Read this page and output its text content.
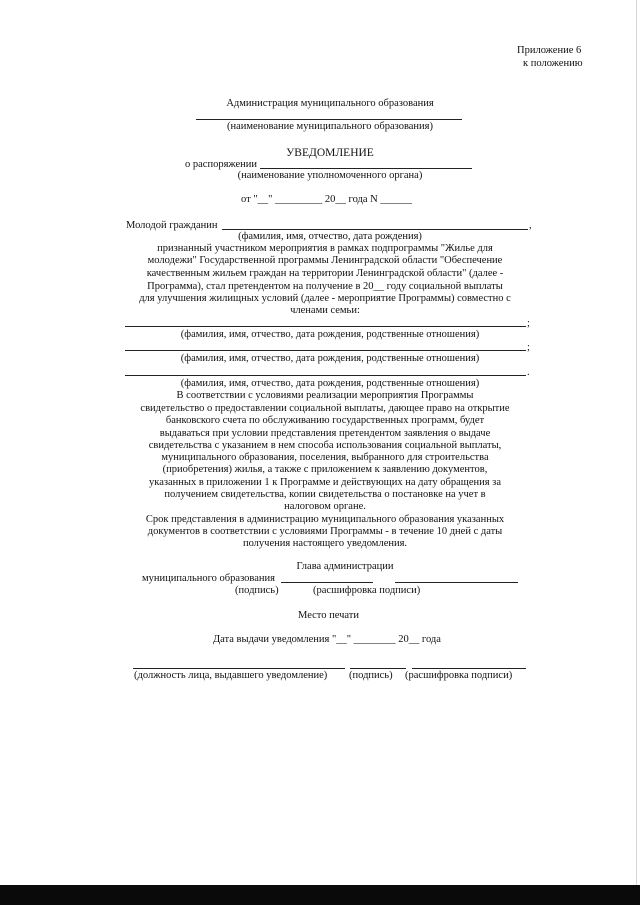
Приложение 6
к положению
Администрация муниципального образования
(наименование муниципального образования)
УВЕДОМЛЕНИЕ
о распоряжении
(наименование уполномоченного органа)
от "__" _________ 20__ года N ______
Молодой гражданин	,
(фамилия, имя, отчество, дата рождения)
признанный участником мероприятия в рамках подпрограммы "Жилье для
молодежи" Государственной программы Ленинградской области "Обеспечение
качественным жильем граждан на территории Ленинградской области" (далее -
Программа), стал претендентом на получение в 20__ году социальной выплаты
для улучшения жилищных условий (далее - мероприятие Программы) совместно с
членами семьи:
;
(фамилия, имя, отчество, дата рождения, родственные отношения)
;
(фамилия, имя, отчество, дата рождения, родственные отношения)
.
(фамилия, имя, отчество, дата рождения, родственные отношения)
В соответствии с условиями реализации мероприятия Программы
свидетельство о предоставлении социальной выплаты, дающее право на открытие
банковского счета по обслуживанию государственных программ, будет
выдаваться при условии представления претендентом заявления о выдаче
свидетельства с указанием в нем способа использования социальной выплаты,
муниципального образования, поселения, выбранного для строительства
(приобретения) жилья, а также с приложением к заявлению документов,
указанных в приложении 1 к Программе и действующих на дату обращения за
получением свидетельства, копии свидетельства о постановке на учет в
налоговом органе.
Срок представления в администрацию муниципального образования указанных
документов в соответствии с условиями Программы - в течение 10 дней с даты
получения настоящего уведомления.
Глава администрации
муниципального образования
(подпись)	(расшифровка подписи)
Место печати
Дата выдачи уведомления "__" ________ 20__ года
(должность лица, выдавшего уведомление) (подпись) (расшифровка подписи)
